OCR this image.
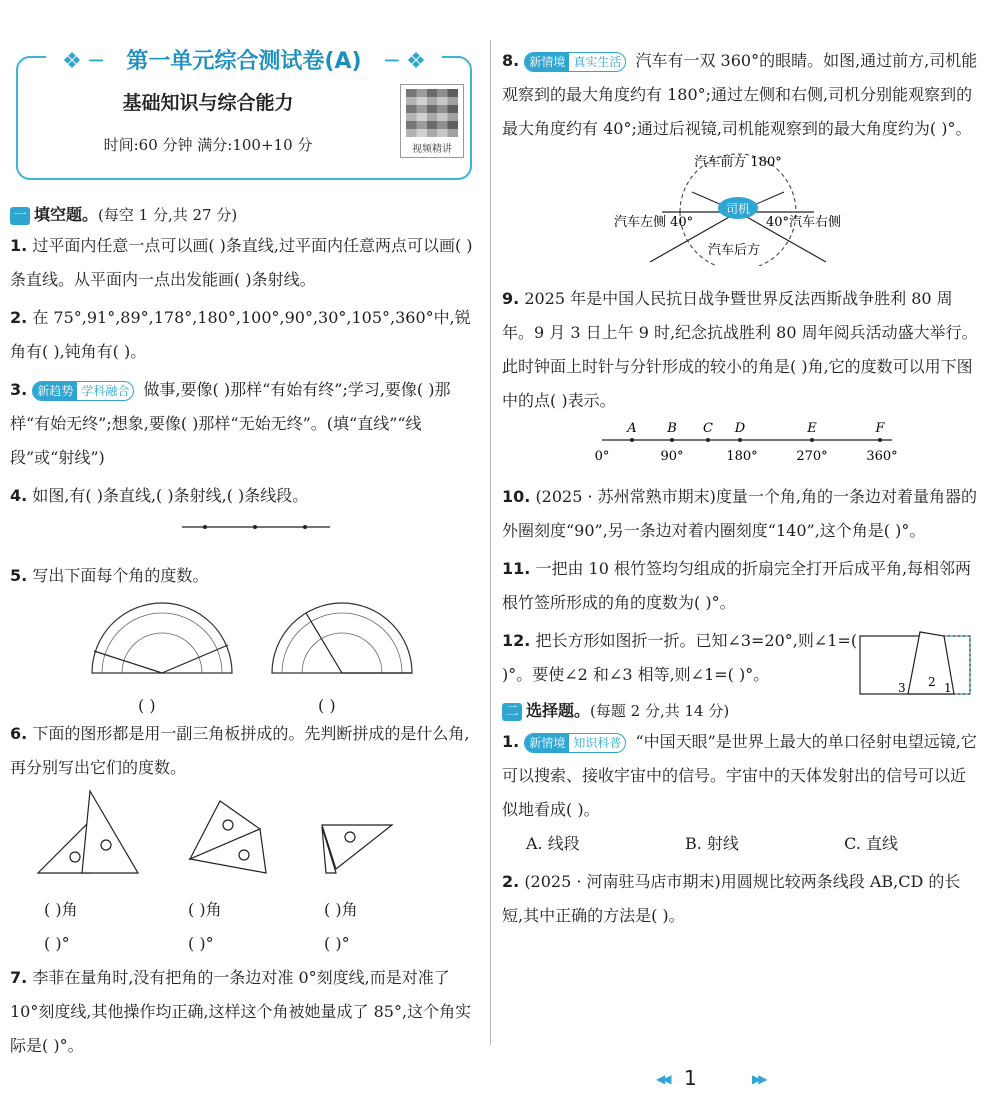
❖ ─ 第一单元综合测试卷(A) ─ ❖
基础知识与综合能力
时间:60 分钟 满分:100+10 分	视频精讲
一 填空题。(每空 1 分,共 27 分)
1. 过平面内任意一点可以画( )条直线,过平面内任意两点可以画( )条直线。从平面内一点出发能画( )条射线。
2. 在 75°,91°,89°,178°,180°,100°,90°,30°,105°,360°中,锐角有( ),钝角有( )。
3. 新趋势 学科融合 做事,要像( )那样“有始有终”;学习,要像( )那样“有始无终”;想象,要像( )那样“无始无终”。(填“直线”“线段”或“射线”)
4. 如图,有( )条直线,( )条射线,( )条线段。
5. 写出下面每个角的度数。
( )	( )
6. 下面的图形都是用一副三角板拼成的。先判断拼成的是什么角,再分别写出它们的度数。
( )角	( )角	( )角
( )°	( )°	( )°
7. 李菲在量角时,没有把角的一条边对准 0°刻度线,而是对准了 10°刻度线,其他操作均正确,这样这个角被她量成了 85°,这个角实际是( )°。
8. 新情境 真实生活 汽车有一双 360°的眼睛。如图,通过前方,司机能观察到的最大角度约有 180°;通过左侧和右侧,司机分别能观察到的最大角度约有 40°;通过后视镜,司机能观察到的最大角度约为( )°。
司机
汽车前方 180°
汽车左侧 40°	40°汽车右侧
汽车后方
9. 2025 年是中国人民抗日战争暨世界反法西斯战争胜利 80 周年。9 月 3 日上午 9 时,纪念抗战胜利 80 周年阅兵活动盛大举行。此时钟面上时针与分针形成的较小的角是( )角,它的度数可以用下图中的点( )表示。
0°	90°	180°	270°	360°
A B C D	E	F
10. (2025 · 苏州常熟市期末)度量一个角,角的一条边对着量角器的外圈刻度“90”,另一条边对着内圈刻度“140”,这个角是( )°。
11. 一把由 10 根竹签均匀组成的折扇完全打开后成平角,每相邻两根竹签所形成的角的度数为( )°。
12. 把长方形如图折一折。已知∠3=20°,则∠1=( )°。要使∠2 和∠3 相等,则∠1=( )°。
3 2 1
二 选择题。(每题 2 分,共 14 分)
1. 新情境 知识科普 “中国天眼”是世界上最大的单口径射电望远镜,它可以搜索、接收宇宙中的信号。宇宙中的天体发射出的信号可以近似地看成( )。
A. 线段	B. 射线	C. 直线
2. (2025 · 河南驻马店市期末)用圆规比较两条线段 AB,CD 的长短,其中正确的方法是( )。
◀◀ 1	▶▶
